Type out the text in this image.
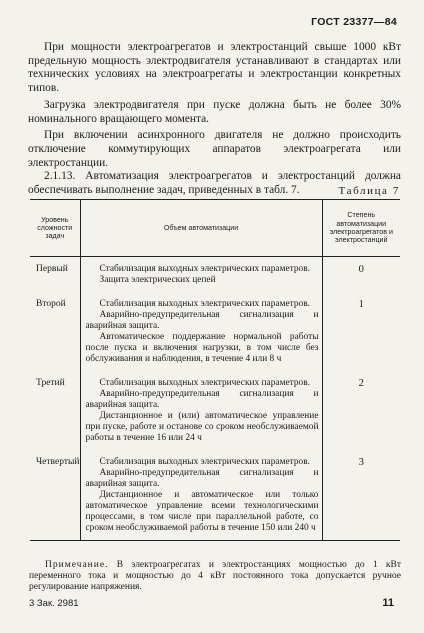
ГОСТ 23377—84

При мощности электроагрегатов и электростанций свыше 1000 кВт предельную мощность электродвигателя устанавливают в стандартах или технических условиях на электроагрегаты и электростанции конкретных типов.

Загрузка электродвигателя при пуске должна быть не более 30% номинального вращающего момента.

При включении асинхронного двигателя не должно происходить отключение коммутирующих аппаратов электроагрегата или электростанции.

2.1.13. Автоматизация электроагрегатов и электростанций должна обеспечивать выполнение задач, приведенных в табл. 7.	Таблица 7
Уровень сложности задач	Объем автоматизации	Степень автоматизации электроагрегатов и электростанций
Первый	Стабилизация выходных электрических параметров.

Защита электрических цепей	0
Второй	Стабилизация выходных электрических параметров.

Аварийно-предупредительная сигнализация и аварийная защита.

Автоматическое поддержание нормальной работы после пуска и включения нагрузки, в том числе без обслуживания и наблюдения, в течение 4 или 8 ч	1
Третий	Стабилизация выходных электрических параметров.

Аварийно-предупредительная сигнализация и аварийная защита.

Дистанционное и (или) автоматическое управление при пуске, работе и останове со сроком необслуживаемой работы в течение 16 или 24 ч	2
Четвертый	Стабилизация выходных электрических параметров.

Аварийно-предупредительная сигнализация и аварийная защита.

Дистанционное и автоматическое или только автоматическое управление всеми технологическими процессами, в том числе при параллельной работе, со сроком необслуживаемой работы в течение 150 или 240 ч	3

Примечание. В электроагрегатах и электростанциях мощностью до 1 кВт переменного тока и мощностью до 4 кВт постоянного тока допускается ручное регулирование напряжения.

3 Зак. 2981	11
